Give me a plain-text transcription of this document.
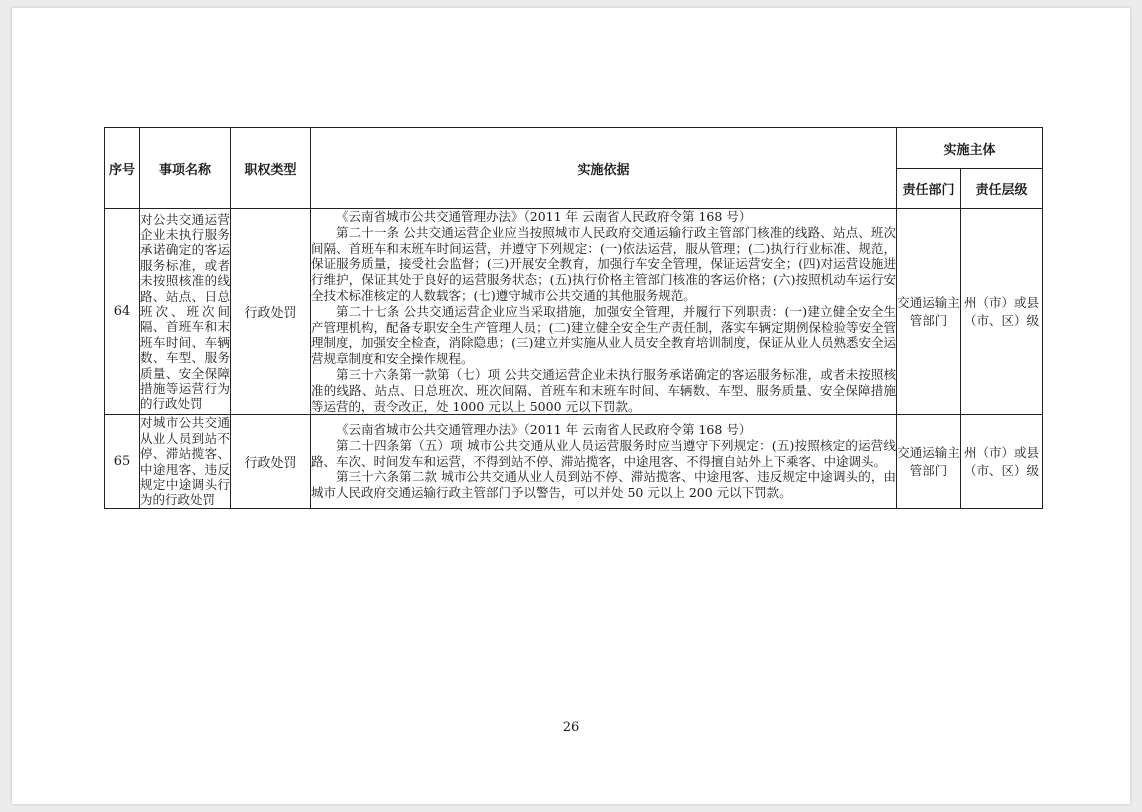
序号	事项名称	职权类型	实施依据	实施主体	
				责任部门	责任层级
64	对公共交通运营企业未执行服务承诺确定的客运服务标准，或者未按照核准的线路、站点、日总班次、班次间隔、首班车和末班车时间、车辆数、车型、服务质量、安全保障措施等运营行为的行政处罚	行政处罚	《云南省城市公共交通管理办法》（2011 年 云南省人民政府令第 168 号）

第二十一条 公共交通运营企业应当按照城市人民政府交通运输行政主管部门核准的线路、站点、班次间隔、首班车和末班车时间运营，并遵守下列规定：(一)依法运营，服从管理；(二)执行行业标准、规范，保证服务质量，接受社会监督；(三)开展安全教育，加强行车安全管理，保证运营安全；(四)对运营设施进行维护，保证其处于良好的运营服务状态；(五)执行价格主管部门核准的客运价格；(六)按照机动车运行安全技术标准核定的人数载客；(七)遵守城市公共交通的其他服务规范。

第二十七条 公共交通运营企业应当采取措施，加强安全管理，并履行下列职责：(一)建立健全安全生产管理机构，配备专职安全生产管理人员；(二)建立健全安全生产责任制，落实车辆定期例保检验等安全管理制度，加强安全检查，消除隐患；(三)建立并实施从业人员安全教育培训制度，保证从业人员熟悉安全运营规章制度和安全操作规程。

第三十六条第一款第（七）项 公共交通运营企业未执行服务承诺确定的客运服务标准，或者未按照核准的线路、站点、日总班次、班次间隔、首班车和末班车时间、车辆数、车型、服务质量、安全保障措施等运营的，责令改正，处 1000 元以上 5000 元以下罚款。	交通运输主管部门	州（市）或县（市、区）级
65	对城市公共交通从业人员到站不停、滞站揽客、中途甩客、违反规定中途调头行为的行政处罚	行政处罚	《云南省城市公共交通管理办法》（2011 年 云南省人民政府令第 168 号）

第二十四条第（五）项 城市公共交通从业人员运营服务时应当遵守下列规定：(五)按照核定的运营线路、车次、时间发车和运营，不得到站不停、滞站揽客，中途甩客、不得擅自站外上下乘客、中途调头。

第三十六条第二款 城市公共交通从业人员到站不停、滞站揽客、中途甩客、违反规定中途调头的，由城市人民政府交通运输行政主管部门予以警告，可以并处 50 元以上 200 元以下罚款。	交通运输主管部门	州（市）或县（市、区）级
26
